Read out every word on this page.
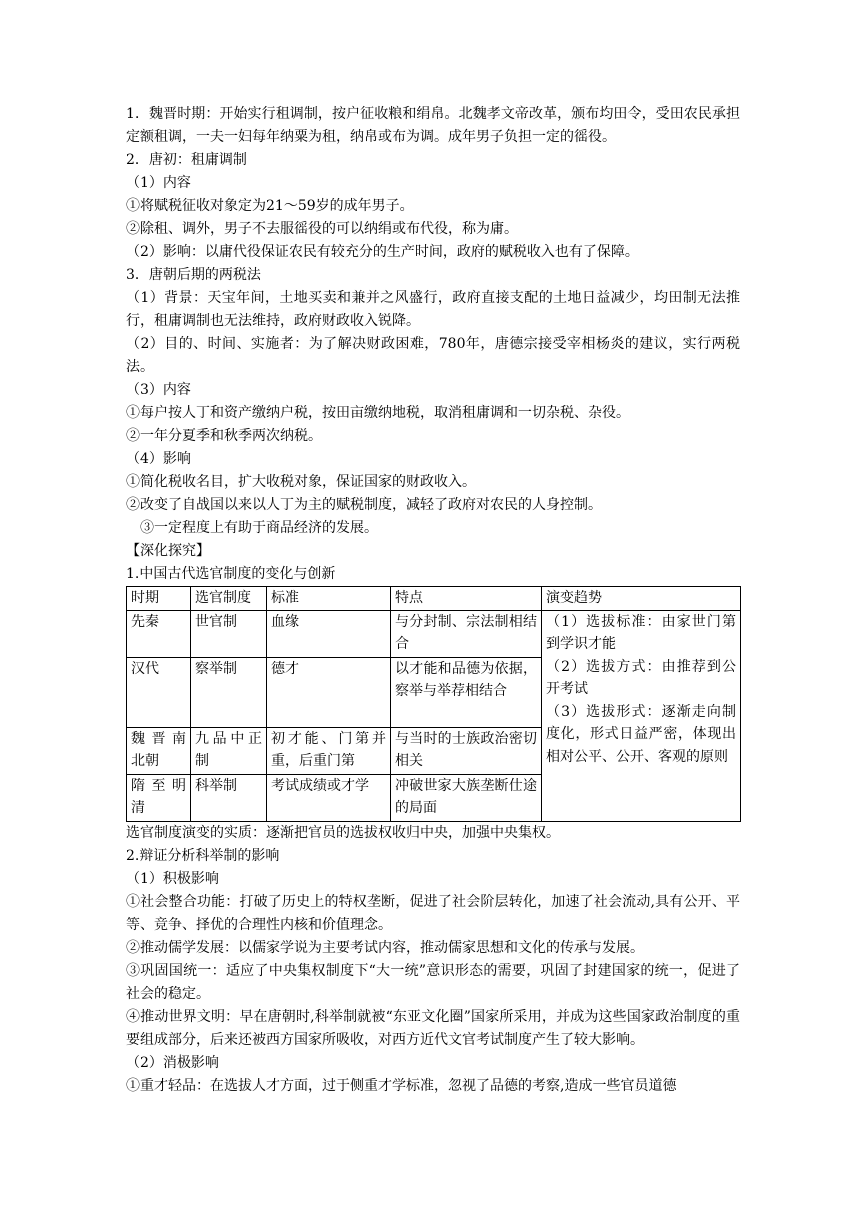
1．魏晋时期：开始实行租调制，按户征收粮和绢帛。北魏孝文帝改革，颁布均田令，受田农民承担定额租调，一夫一妇每年纳粟为租，纳帛或布为调。成年男子负担一定的徭役。

2．唐初：租庸调制

（1）内容

①将赋税征收对象定为21～59岁的成年男子。

②除租、调外，男子不去服徭役的可以纳绢或布代役，称为庸。

（2）影响：以庸代役保证农民有较充分的生产时间，政府的赋税收入也有了保障。

3．唐朝后期的两税法

（1）背景：天宝年间，土地买卖和兼并之风盛行，政府直接支配的土地日益减少，均田制无法推行，租庸调制也无法维持，政府财政收入锐降。

（2）目的、时间、实施者：为了解决财政困难，780年，唐德宗接受宰相杨炎的建议，实行两税法。

（3）内容

①每户按人丁和资产缴纳户税，按田亩缴纳地税，取消租庸调和一切杂税、杂役。

②一年分夏季和秋季两次纳税。

（4）影响

①简化税收名目，扩大收税对象，保证国家的财政收入。

②改变了自战国以来以人丁为主的赋税制度，减轻了政府对农民的人身控制。

③一定程度上有助于商品经济的发展。

【深化探究】

1.中国古代选官制度的变化与创新

时期	选官制度	标准	特点	演变趋势
先秦	世官制	血缘	与分封制、宗法制相结合	（1）选拔标准：由家世门第到学识才能
（2）选拔方式：由推荐到公开考试
（3）选拔形式：逐渐走向制度化，形式日益严密，体现出相对公平、公开、客观的原则

汉代	察举制	德才	以才能和品德为依据，察举与举荐相结合	
魏晋南北朝	九品中正制	初才能、门第并重，后重门第	与当时的士族政治密切相关	
隋至明清	科举制	考试成绩或才学	冲破世家大族垄断仕途的局面	

选官制度演变的实质：逐渐把官员的选拔权收归中央，加强中央集权。

2.辩证分析科举制的影响

（1）积极影响

①社会整合功能：打破了历史上的特权垄断，促进了社会阶层转化，加速了社会流动,具有公开、平等、竞争、择优的合理性内核和价值理念。

②推动儒学发展：以儒家学说为主要考试内容，推动儒家思想和文化的传承与发展。

③巩固国统一：适应了中央集权制度下“大一统”意识形态的需要，巩固了封建国家的统一，促进了社会的稳定。

④推动世界文明：早在唐朝时,科举制就被“东亚文化圈”国家所采用，并成为这些国家政治制度的重要组成部分，后来还被西方国家所吸收，对西方近代文官考试制度产生了较大影响。

（2）消极影响

①重才轻品：在选拔人才方面，过于侧重才学标准，忽视了品德的考察,造成一些官员道德
